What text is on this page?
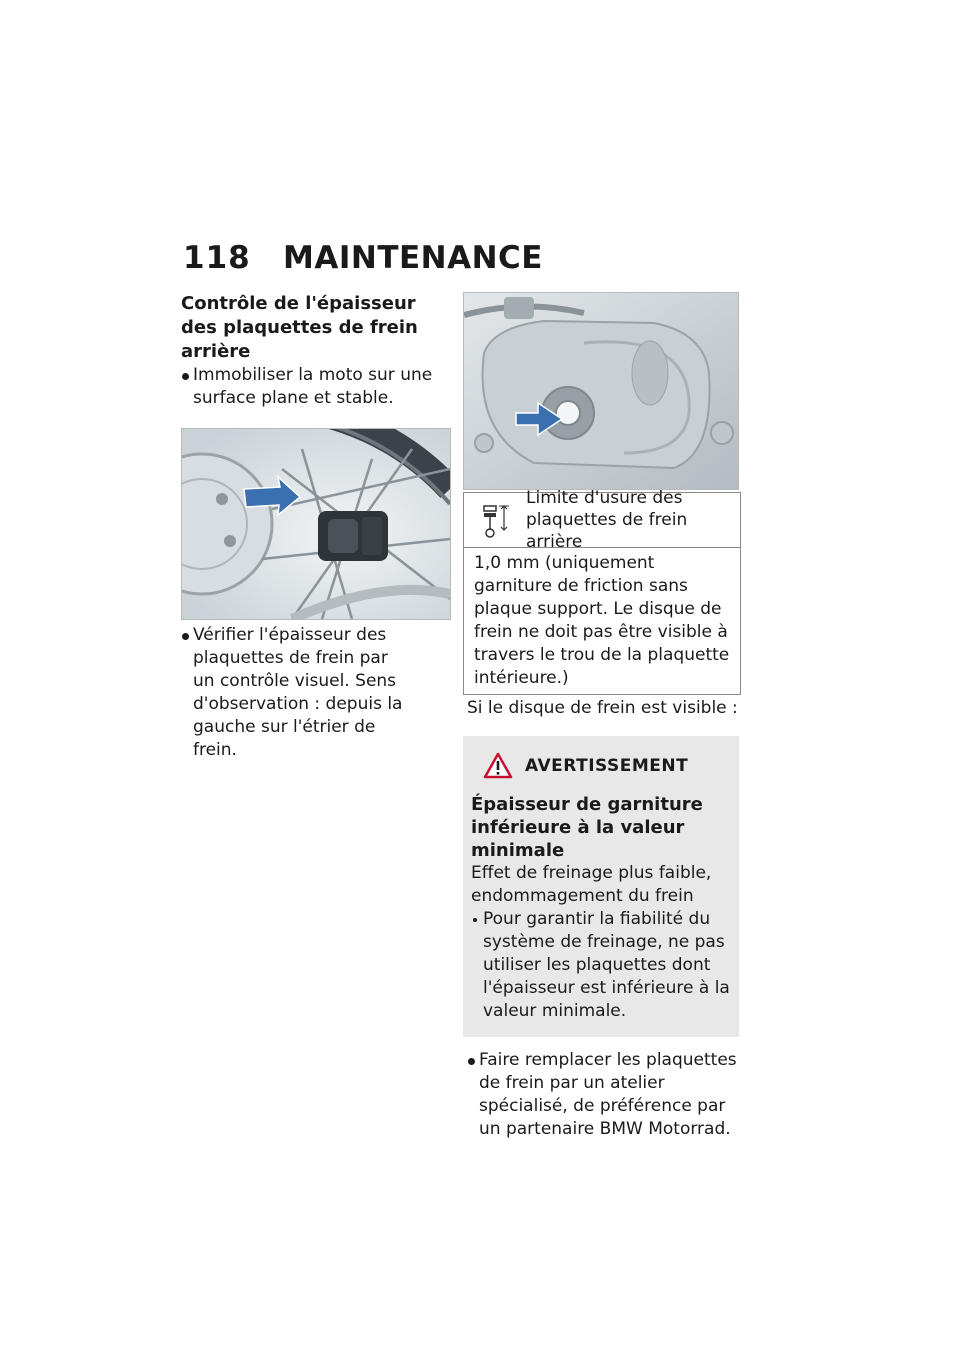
118 MAINTENANCE
Contrôle de l'épaisseur des plaquettes de frein arrière
Immobiliser la moto sur une surface plane et stable.
Vérifier l'épaisseur des plaquettes de frein par un contrôle visuel. Sens d'observation : depuis la gauche sur l'étrier de frein.
Limite d'usure des plaquettes de frein arrière
1,0 mm (uniquement garniture de friction sans plaque support. Le disque de frein ne doit pas être visible à travers le trou de la plaquette intérieure.)
Si le disque de frein est visible :
AVERTISSEMENT
Épaisseur de garniture inférieure à la valeur minimale
Effet de freinage plus faible, endommagement du frein
Pour garantir la fiabilité du système de freinage, ne pas utiliser les plaquettes dont l'épaisseur est inférieure à la valeur minimale.
Faire remplacer les plaquettes de frein par un atelier spécialisé, de préférence par un partenaire BMW Motorrad.
